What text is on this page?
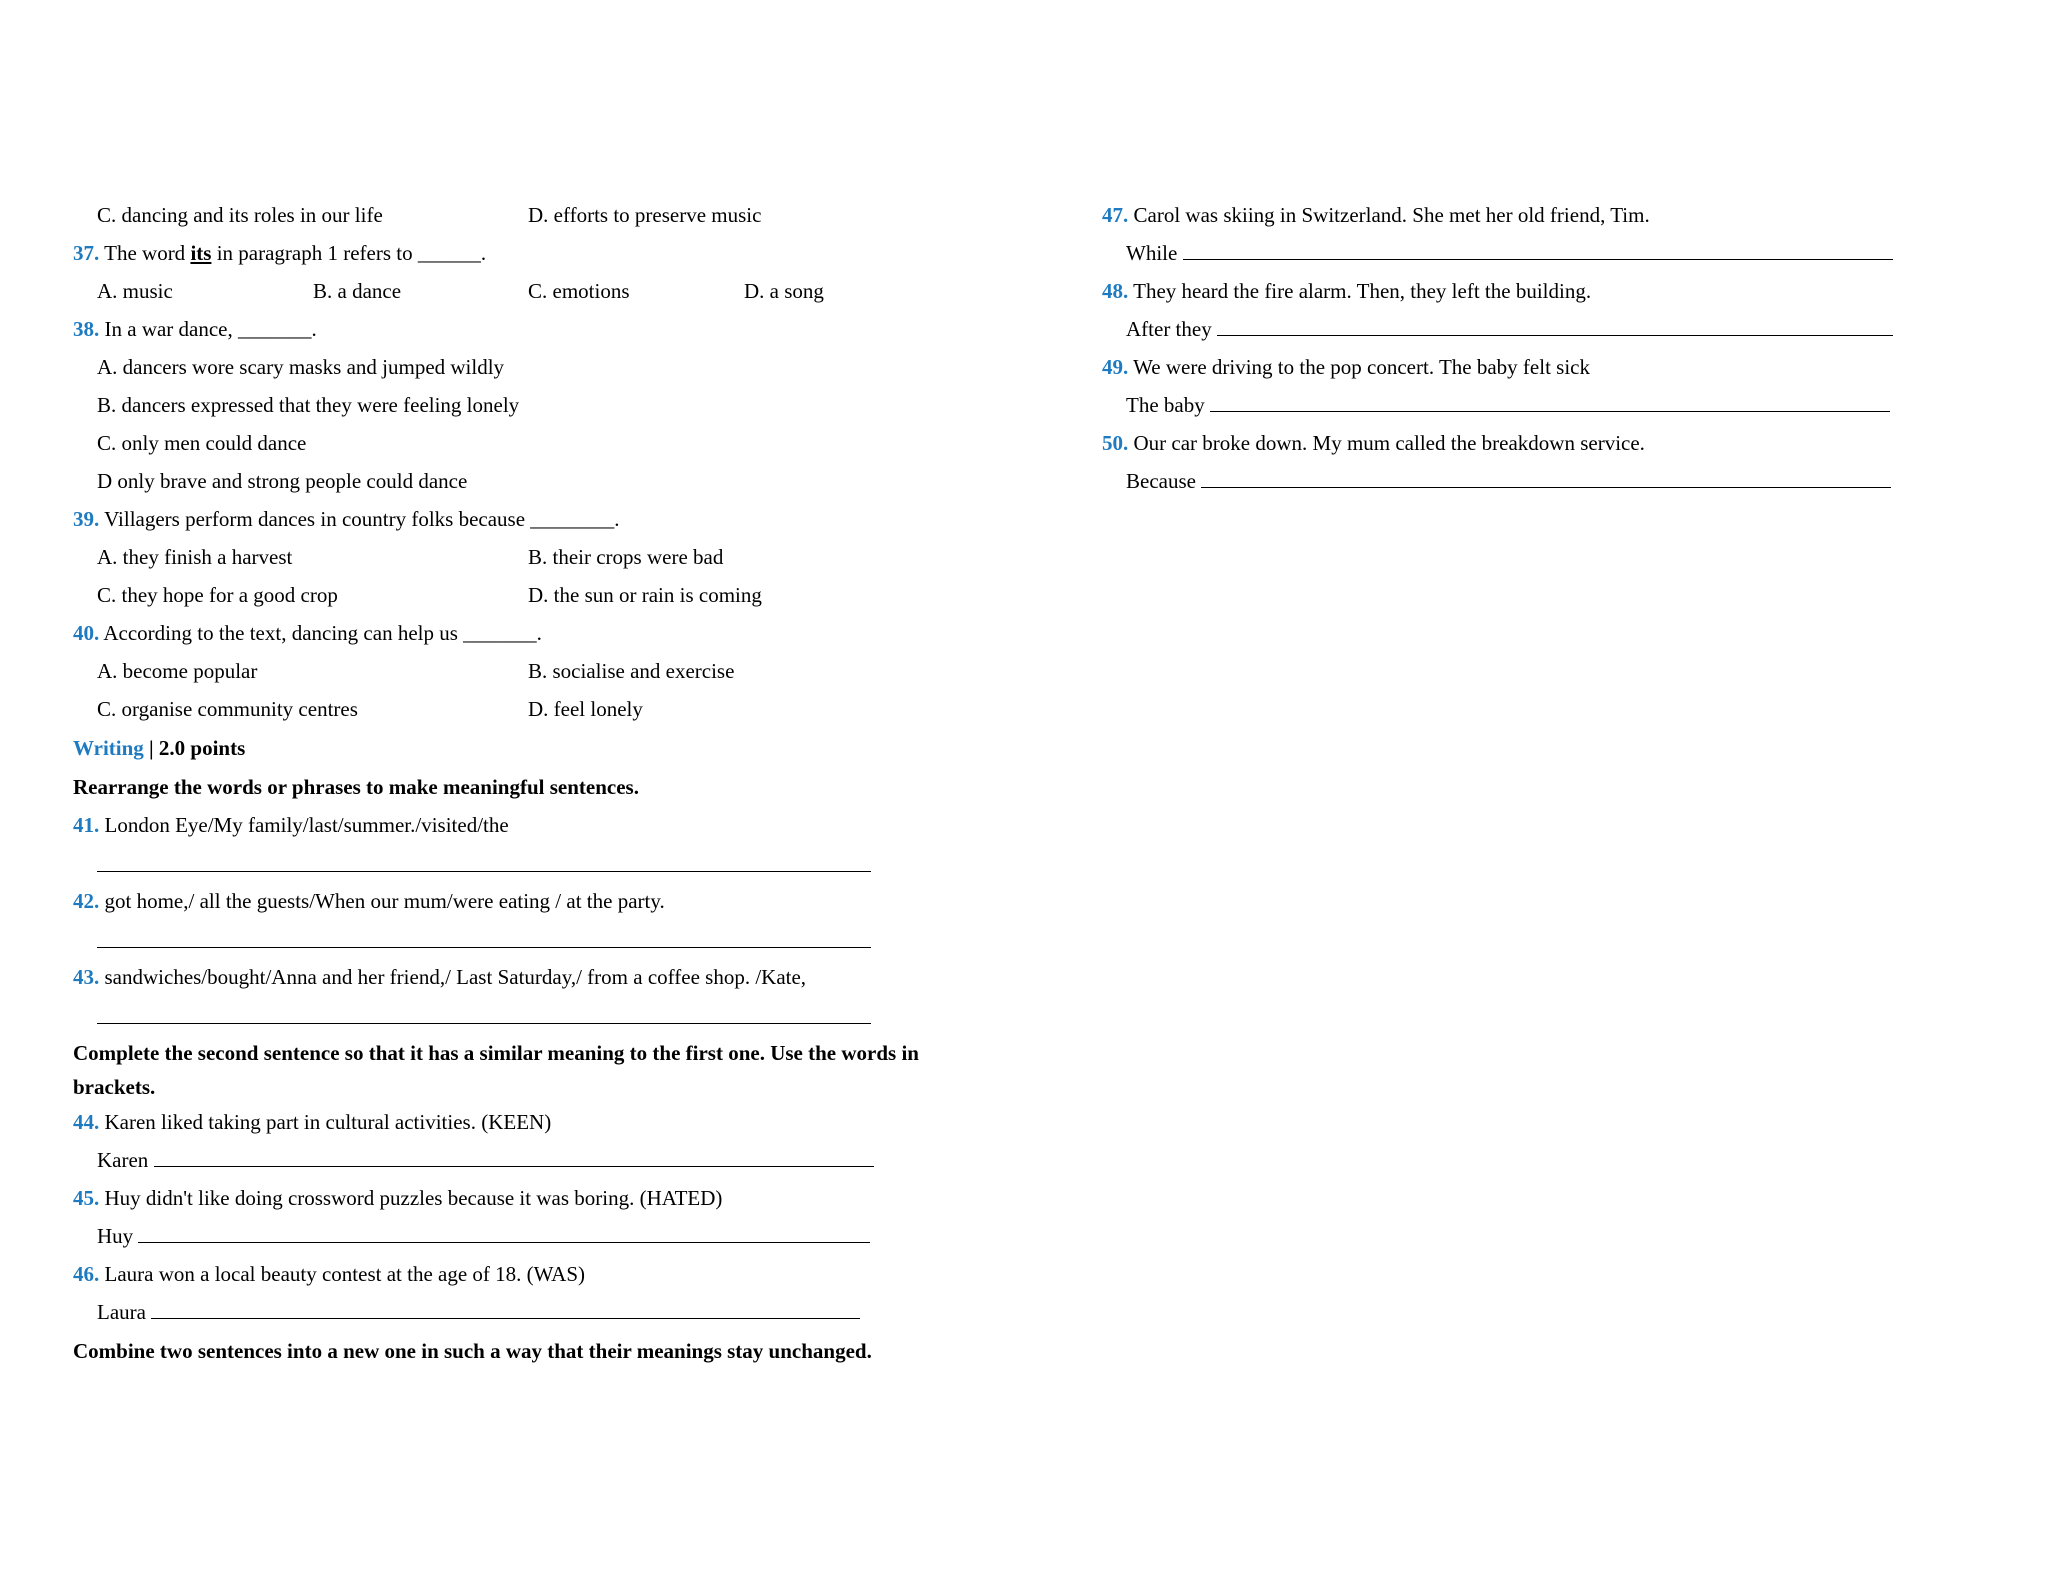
C. dancing and its roles in our life	D. efforts to preserve music
37. The word its in paragraph 1 refers to ______.
A. music	B. a dance	C. emotions	D. a song
38. In a war dance, _______.
A. dancers wore scary masks and jumped wildly
B. dancers expressed that they were feeling lonely
C. only men could dance
D only brave and strong people could dance
39. Villagers perform dances in country folks because ________.
A. they finish a harvest	B. their crops were bad
C. they hope for a good crop	D. the sun or rain is coming
40. According to the text, dancing can help us _______.
A. become popular	B. socialise and exercise
C. organise community centres	D. feel lonely
Writing | 2.0 points
Rearrange the words or phrases to make meaningful sentences.
41. London Eye/My family/last/summer./visited/the
42. got home,/ all the guests/When our mum/were eating / at the party.
43. sandwiches/bought/Anna and her friend,/ Last Saturday,/ from a coffee shop. /Kate,
Complete the second sentence so that it has a similar meaning to the first one. Use the words in
brackets.
44. Karen liked taking part in cultural activities. (KEEN)
Karen
45. Huy didn't like doing crossword puzzles because it was boring. (HATED)
Huy
46. Laura won a local beauty contest at the age of 18. (WAS)
Laura
Combine two sentences into a new one in such a way that their meanings stay unchanged.
47. Carol was skiing in Switzerland. She met her old friend, Tim.
While
48. They heard the fire alarm. Then, they left the building.
After they
49. We were driving to the pop concert. The baby felt sick
The baby
50. Our car broke down. My mum called the breakdown service.
Because
